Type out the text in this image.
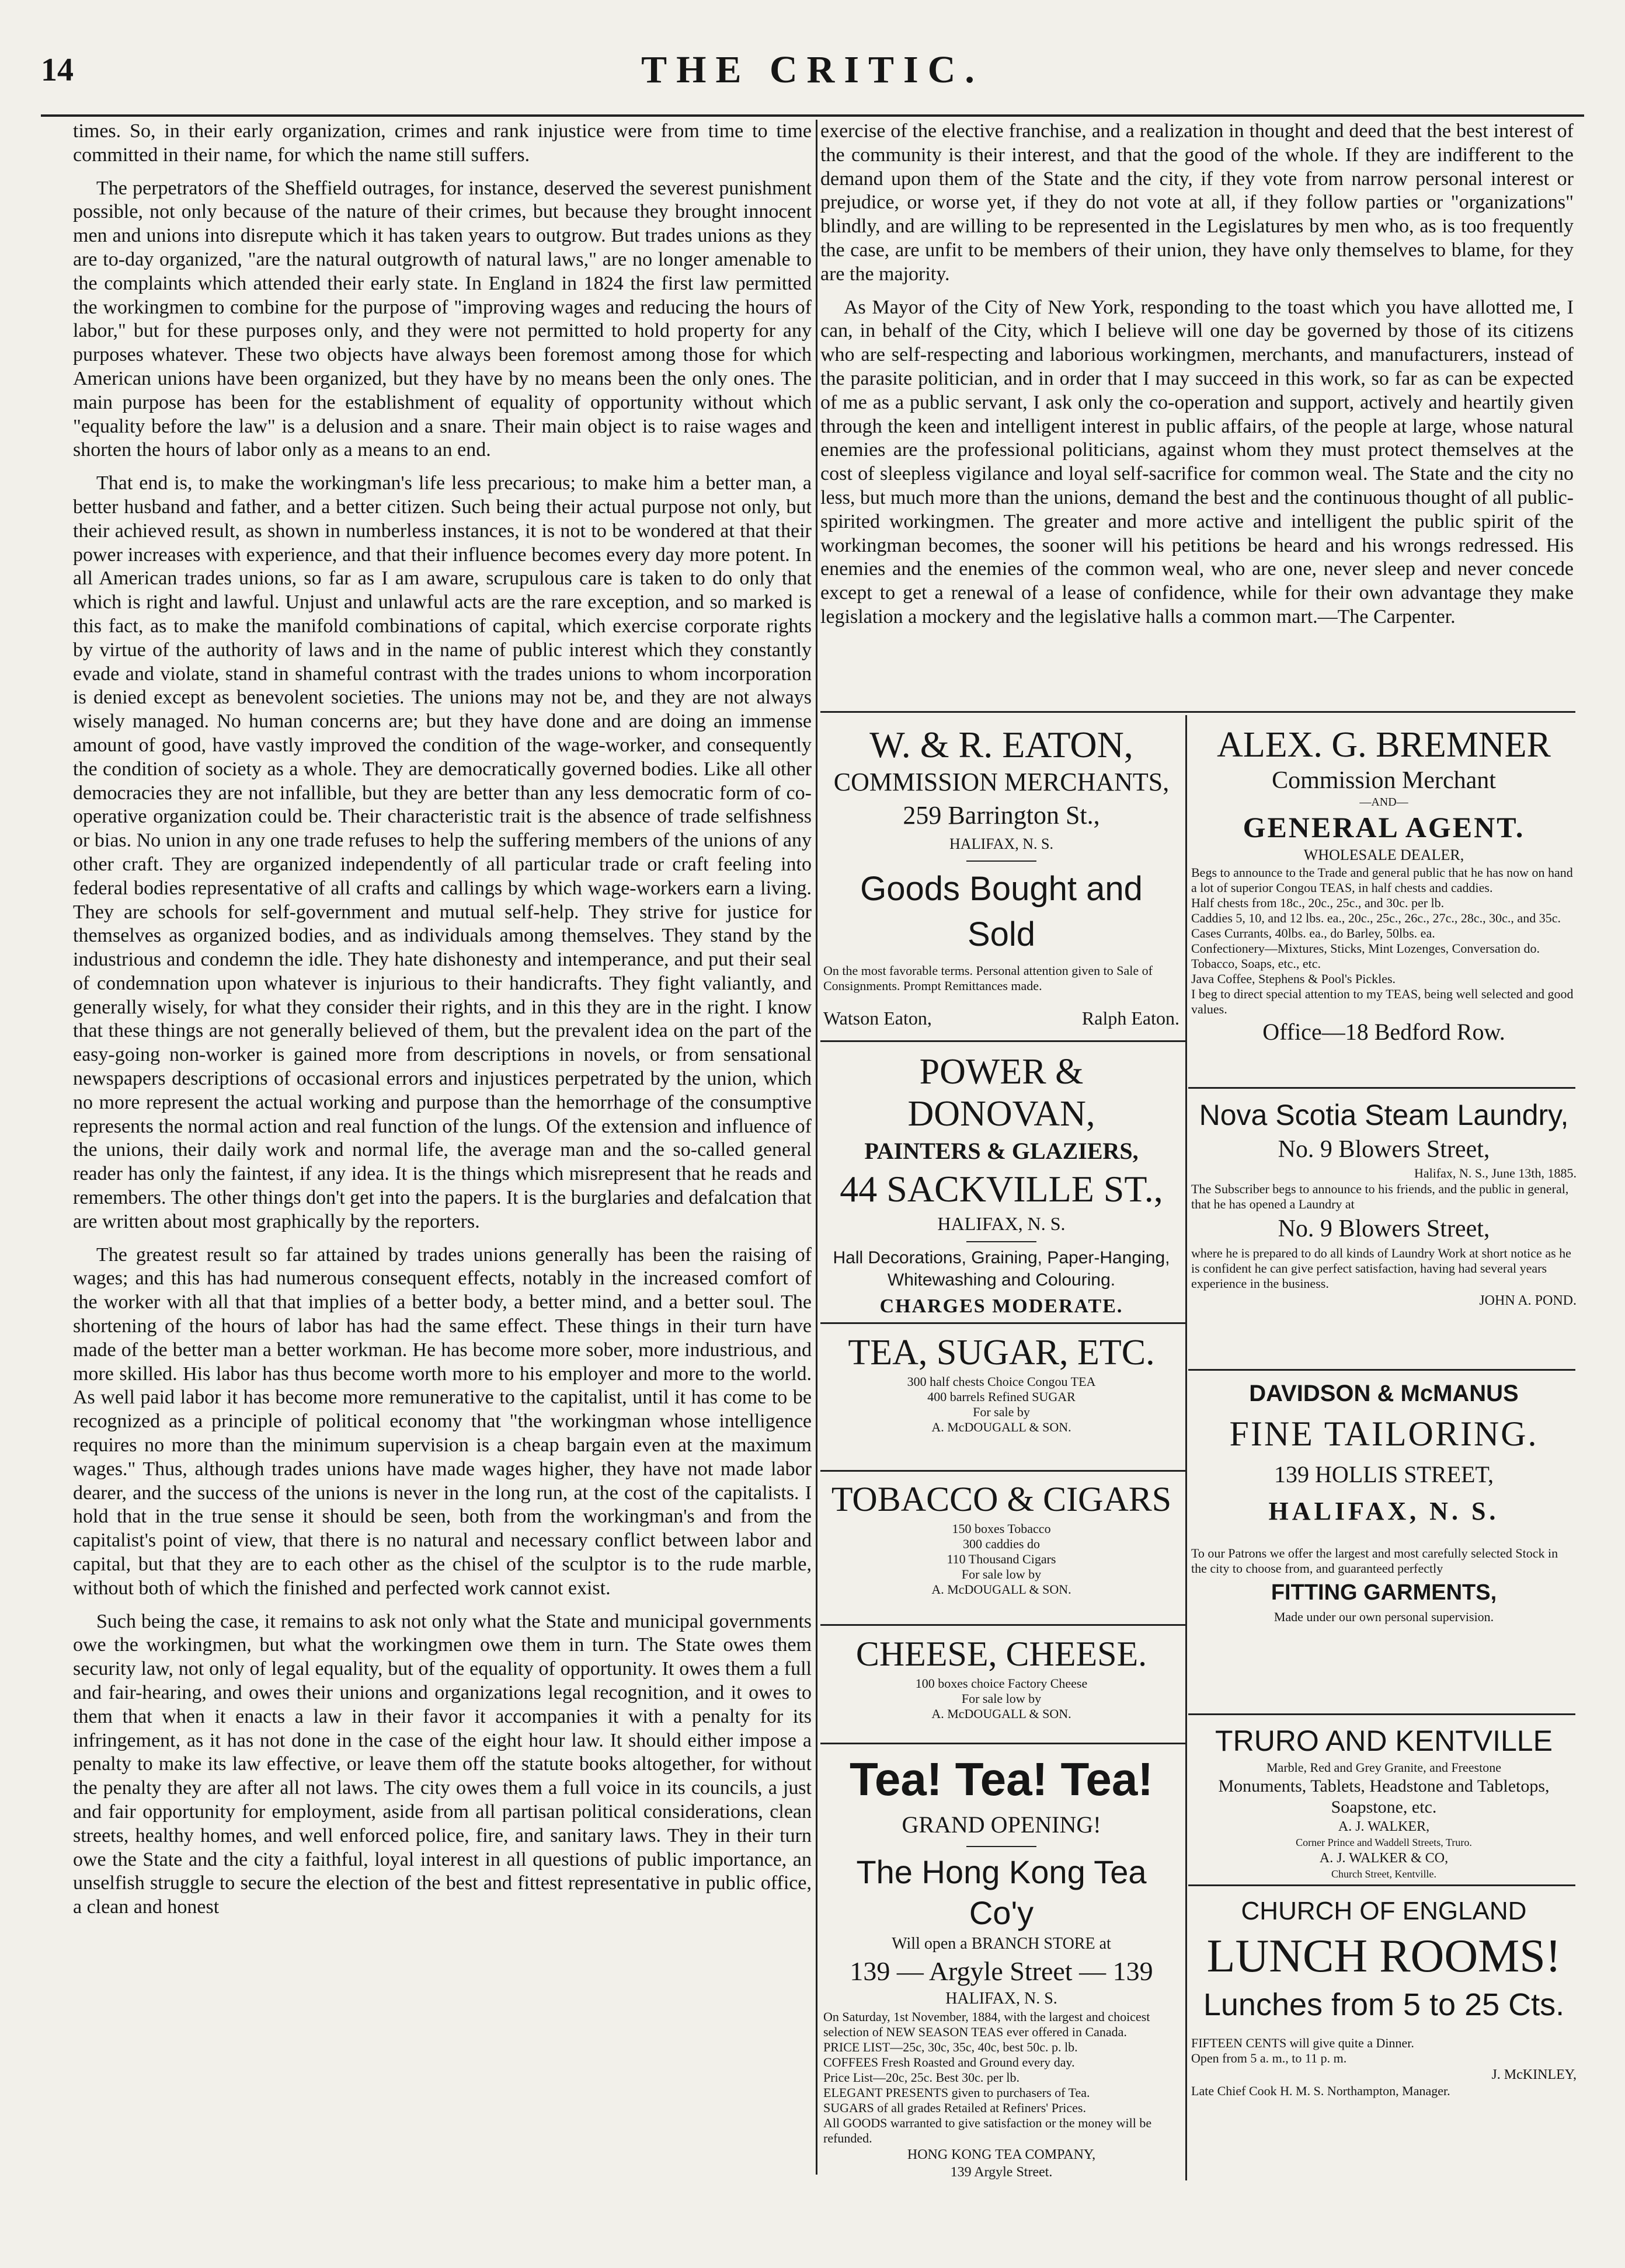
14	THE CRITIC.

times. So, in their early organization, crimes and rank injustice were from time to time committed in their name, for which the name still suffers.

The perpetrators of the Sheffield outrages, for instance, deserved the severest punishment possible, not only because of the nature of their crimes, but because they brought innocent men and unions into disrepute which it has taken years to outgrow. But trades unions as they are to-day organized, "are the natural outgrowth of natural laws," are no longer amenable to the complaints which attended their early state. In England in 1824 the first law permitted the workingmen to combine for the purpose of "improving wages and reducing the hours of labor," but for these purposes only, and they were not permitted to hold property for any purposes whatever. These two objects have always been foremost among those for which American unions have been organized, but they have by no means been the only ones. The main purpose has been for the establishment of equality of opportunity without which "equality before the law" is a delusion and a snare. Their main object is to raise wages and shorten the hours of labor only as a means to an end.

That end is, to make the workingman's life less precarious; to make him a better man, a better husband and father, and a better citizen. Such being their actual purpose not only, but their achieved result, as shown in numberless instances, it is not to be wondered at that their power increases with experience, and that their influence becomes every day more potent. In all American trades unions, so far as I am aware, scrupulous care is taken to do only that which is right and lawful. Unjust and unlawful acts are the rare exception, and so marked is this fact, as to make the manifold combinations of capital, which exercise corporate rights by virtue of the authority of laws and in the name of public interest which they constantly evade and violate, stand in shameful contrast with the trades unions to whom incorporation is denied except as benevolent societies. The unions may not be, and they are not always wisely managed. No human concerns are; but they have done and are doing an immense amount of good, have vastly improved the condition of the wage-worker, and consequently the condition of society as a whole. They are democratically governed bodies. Like all other democracies they are not infallible, but they are better than any less democratic form of co-operative organization could be. Their characteristic trait is the absence of trade selfishness or bias. No union in any one trade refuses to help the suffering members of the unions of any other craft. They are organized independently of all particular trade or craft feeling into federal bodies representative of all crafts and callings by which wage-workers earn a living. They are schools for self-government and mutual self-help. They strive for justice for themselves as organized bodies, and as individuals among themselves. They stand by the industrious and condemn the idle. They hate dishonesty and intemperance, and put their seal of condemnation upon whatever is injurious to their handicrafts. They fight valiantly, and generally wisely, for what they consider their rights, and in this they are in the right. I know that these things are not generally believed of them, but the prevalent idea on the part of the easy-going non-worker is gained more from descriptions in novels, or from sensational newspapers descriptions of occasional errors and injustices perpetrated by the union, which no more represent the actual working and purpose than the hemorrhage of the consumptive represents the normal action and real function of the lungs. Of the extension and influence of the unions, their daily work and normal life, the average man and the so-called general reader has only the faintest, if any idea. It is the things which misrepresent that he reads and remembers. The other things don't get into the papers. It is the burglaries and defalcation that are written about most graphically by the reporters.

The greatest result so far attained by trades unions generally has been the raising of wages; and this has had numerous consequent effects, notably in the increased comfort of the worker with all that that implies of a better body, a better mind, and a better soul. The shortening of the hours of labor has had the same effect. These things in their turn have made of the better man a better workman. He has become more sober, more industrious, and more skilled. His labor has thus become worth more to his employer and more to the world. As well paid labor it has become more remunerative to the capitalist, until it has come to be recognized as a principle of political economy that "the workingman whose intelligence requires no more than the minimum supervision is a cheap bargain even at the maximum wages." Thus, although trades unions have made wages higher, they have not made labor dearer, and the success of the unions is never in the long run, at the cost of the capitalists. I hold that in the true sense it should be seen, both from the workingman's and from the capitalist's point of view, that there is no natural and necessary conflict between labor and capital, but that they are to each other as the chisel of the sculptor is to the rude marble, without both of which the finished and perfected work cannot exist.

Such being the case, it remains to ask not only what the State and municipal governments owe the workingmen, but what the workingmen owe them in turn. The State owes them security law, not only of legal equality, but of the equality of opportunity. It owes them a full and fair-hearing, and owes their unions and organizations legal recognition, and it owes to them that when it enacts a law in their favor it accompanies it with a penalty for its infringement, as it has not done in the case of the eight hour law. It should either impose a penalty to make its law effective, or leave them off the statute books altogether, for without the penalty they are after all not laws. The city owes them a full voice in its councils, a just and fair opportunity for employment, aside from all partisan political considerations, clean streets, healthy homes, and well enforced police, fire, and sanitary laws. They in their turn owe the State and the city a faithful, loyal interest in all questions of public importance, an unselfish struggle to secure the election of the best and fittest representative in public office, a clean and honest

exercise of the elective franchise, and a realization in thought and deed that the best interest of the community is their interest, and that the good of the whole. If they are indifferent to the demand upon them of the State and the city, if they vote from narrow personal interest or prejudice, or worse yet, if they do not vote at all, if they follow parties or "organizations" blindly, and are willing to be represented in the Legislatures by men who, as is too frequently the case, are unfit to be members of their union, they have only themselves to blame, for they are the majority.

As Mayor of the City of New York, responding to the toast which you have allotted me, I can, in behalf of the City, which I believe will one day be governed by those of its citizens who are self-respecting and laborious workingmen, merchants, and manufacturers, instead of the parasite politician, and in order that I may succeed in this work, so far as can be expected of me as a public servant, I ask only the co-operation and support, actively and heartily given through the keen and intelligent interest in public affairs, of the people at large, whose natural enemies are the professional politicians, against whom they must protect themselves at the cost of sleepless vigilance and loyal self-sacrifice for common weal. The State and the city no less, but much more than the unions, demand the best and the continuous thought of all public-spirited workingmen. The greater and more active and intelligent the public spirit of the workingman becomes, the sooner will his petitions be heard and his wrongs redressed. His enemies and the enemies of the common weal, who are one, never sleep and never concede except to get a renewal of a lease of confidence, while for their own advantage they make legislation a mockery and the legislative halls a common mart.—The Carpenter.

W. & R. EATON,
COMMISSION MERCHANTS,
259 Barrington St.,
HALIFAX, N. S.
Goods Bought and Sold
On the most favorable terms. Personal attention given to Sale of Consignments. Prompt Remittances made.
Watson Eaton,	Ralph Eaton.
POWER & DONOVAN,
PAINTERS & GLAZIERS,
44 SACKVILLE ST.,
HALIFAX, N. S.
Hall Decorations, Graining, Paper-Hanging, Whitewashing and Colouring.
CHARGES MODERATE.
TEA, SUGAR, ETC.
300 half chests Choice Congou TEA
400 barrels Refined SUGAR
For sale by
A. McDOUGALL & SON.
TOBACCO & CIGARS
150 boxes Tobacco
300 caddies do
110 Thousand Cigars
For sale low by
A. McDOUGALL & SON.
CHEESE, CHEESE.
100 boxes choice Factory Cheese
For sale low by
A. McDOUGALL & SON.
Tea! Tea! Tea!
GRAND OPENING!
The Hong Kong Tea Co'y
Will open a BRANCH STORE at
139 — Argyle Street — 139
HALIFAX, N. S.
On Saturday, 1st November, 1884, with the largest and choicest selection of NEW SEASON TEAS ever offered in Canada.
PRICE LIST—25c, 30c, 35c, 40c, best 50c. p. lb.
COFFEES Fresh Roasted and Ground every day.
Price List—20c, 25c. Best 30c. per lb.
ELEGANT PRESENTS given to purchasers of Tea.
SUGARS of all grades Retailed at Refiners' Prices.
All GOODS warranted to give satisfaction or the money will be refunded.
HONG KONG TEA COMPANY,
139 Argyle Street.
ALEX. G. BREMNER
Commission Merchant
—AND—
GENERAL AGENT.
WHOLESALE DEALER,
Begs to announce to the Trade and general public that he has now on hand a lot of superior Congou TEAS, in half chests and caddies.
Half chests from 18c., 20c., 25c., and 30c. per lb.
Caddies 5, 10, and 12 lbs. ea., 20c., 25c., 26c., 27c., 28c., 30c., and 35c.
Cases Currants, 40lbs. ea., do Barley, 50lbs. ea.
Confectionery—Mixtures, Sticks, Mint Lozenges, Conversation do.
Tobacco, Soaps, etc., etc.
Java Coffee, Stephens & Pool's Pickles.
I beg to direct special attention to my TEAS, being well selected and good values.
Office—18 Bedford Row.
Nova Scotia Steam Laundry,
No. 9 Blowers Street,
Halifax, N. S., June 13th, 1885.
The Subscriber begs to announce to his friends, and the public in general, that he has opened a Laundry at
No. 9 Blowers Street,
where he is prepared to do all kinds of Laundry Work at short notice as he is confident he can give perfect satisfaction, having had several years experience in the business.
JOHN A. POND.
DAVIDSON & McMANUS
FINE TAILORING.
139 HOLLIS STREET,
HALIFAX, N. S.
To our Patrons we offer the largest and most carefully selected Stock in the city to choose from, and guaranteed perfectly
FITTING GARMENTS,
Made under our own personal supervision.
TRURO AND KENTVILLE
Marble, Red and Grey Granite, and Freestone
Monuments, Tablets, Headstone and Tabletops, Soapstone, etc.
A. J. WALKER,
Corner Prince and Waddell Streets, Truro.
A. J. WALKER & CO,
Church Street, Kentville.
CHURCH OF ENGLAND
LUNCH ROOMS!
Lunches from 5 to 25 Cts.
FIFTEEN CENTS will give quite a Dinner.
Open from 5 a. m., to 11 p. m.
J. McKINLEY,
Late Chief Cook H. M. S. Northampton, Manager.
